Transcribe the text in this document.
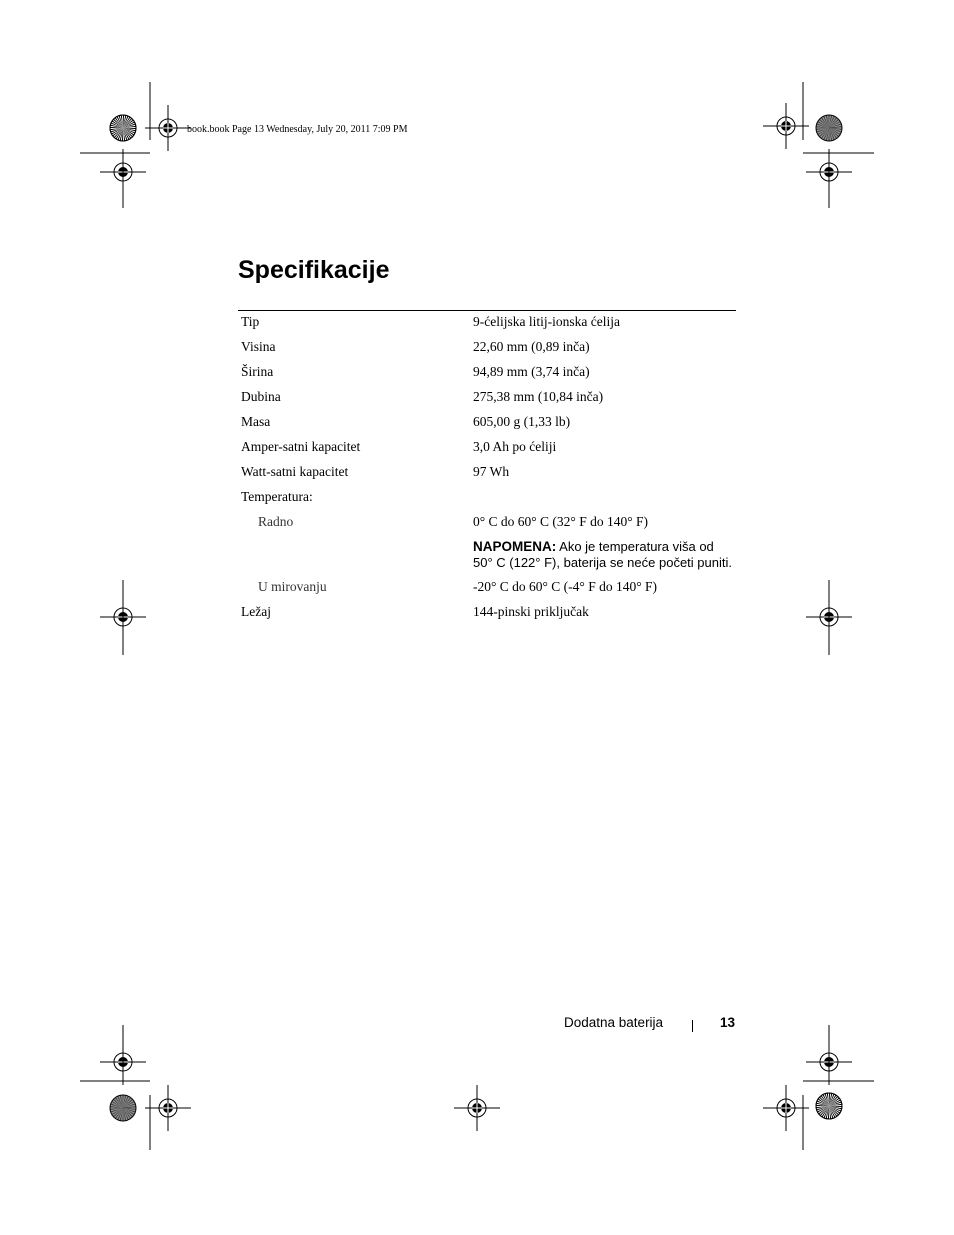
book.book Page 13 Wednesday, July 20, 2011 7:09 PM
Specifikacije
Tip	9-ćelijska litij-ionska ćelija
Visina	22,60 mm (0,89 inča)
Širina	94,89 mm (3,74 inča)
Dubina	275,38 mm (10,84 inča)
Masa	605,00 g (1,33 lb)
Amper-satni kapacitet	3,0 Ah po ćeliji
Watt-satni kapacitet	97 Wh
Temperatura:	
Radno	0° C do 60° C (32° F do 140° F)

	NAPOMENA: Ako je temperatura viša od 50° C (122° F), baterija se neće početi puniti.

U mirovanju	-20° C do 60° C (-4° F do 140° F)
Ležaj	144-pinski priključak
Dodatna baterija	13
